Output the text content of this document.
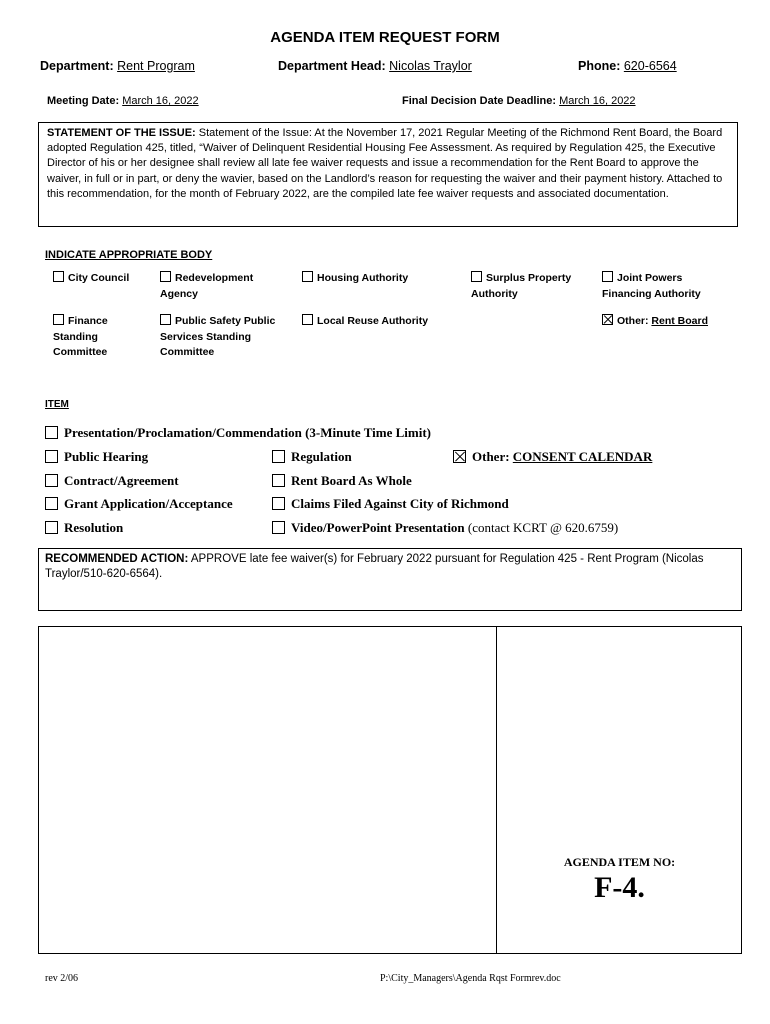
AGENDA ITEM REQUEST FORM
Department: Rent Program	Department Head: Nicolas Traylor	Phone: 620-6564
Meeting Date: March 16, 2022	Final Decision Date Deadline: March 16, 2022
STATEMENT OF THE ISSUE: Statement of the Issue: At the November 17, 2021 Regular Meeting of the Richmond Rent Board, the Board adopted Regulation 425, titled, “Waiver of Delinquent Residential Housing Fee Assessment. As required by Regulation 425, the Executive Director of his or her designee shall review all late fee waiver requests and issue a recommendation for the Rent Board to approve the waiver, in full or in part, or deny the wavier, based on the Landlord’s reason for requesting the waiver and their payment history. Attached to this recommendation, for the month of February 2022, are the compiled late fee waiver requests and associated documentation.
INDICATE APPROPRIATE BODY
City Council	Redevelopment Agency
Housing Authority	Surplus Property Authority
Joint Powers Financing Authority
Finance Standing Committee
Public Safety Public Services Standing Committee
Local Reuse Authority	Other: Rent Board
ITEM
Presentation/Proclamation/Commendation (3-Minute Time Limit)
Public Hearing	Regulation	Other: CONSENT CALENDAR
Contract/Agreement	Rent Board As Whole
Grant Application/Acceptance	Claims Filed Against City of Richmond
Resolution	Video/PowerPoint Presentation (contact KCRT @ 620.6759)
RECOMMENDED ACTION: APPROVE late fee waiver(s) for February 2022 pursuant for Regulation 425 - Rent Program (Nicolas Traylor/510-620-6564).
AGENDA ITEM NO:
F-4.
rev 2/06	P:\City_Managers\Agenda Rqst Formrev.doc
